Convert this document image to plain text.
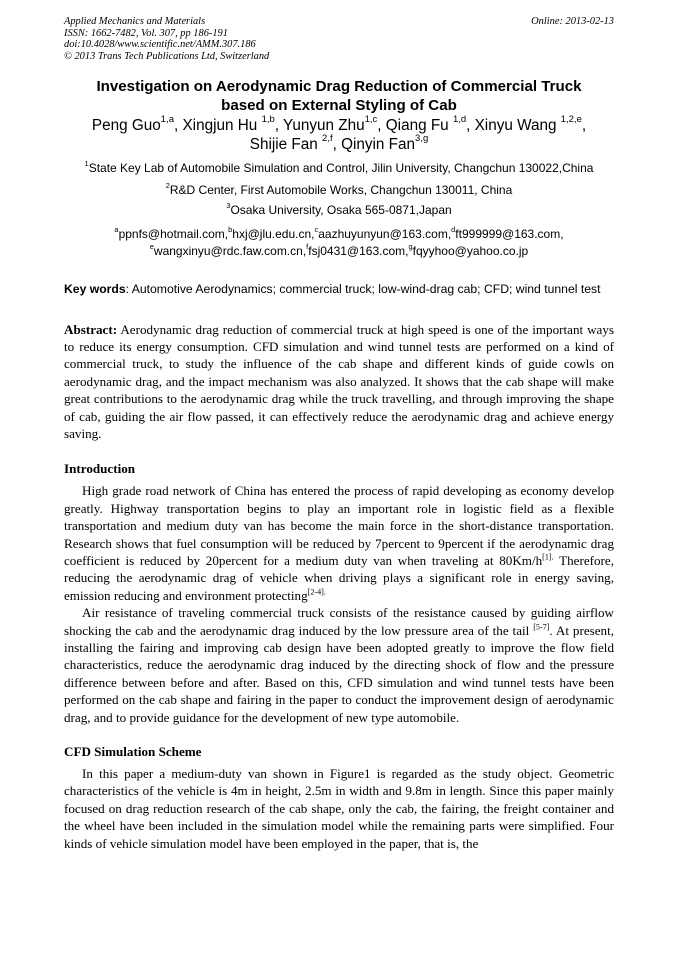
Applied Mechanics and Materials
ISSN: 1662-7482, Vol. 307, pp 186-191
doi:10.4028/www.scientific.net/AMM.307.186
© 2013 Trans Tech Publications Ltd, Switzerland
Online: 2013-02-13
Investigation on Aerodynamic Drag Reduction of Commercial Truck
based on External Styling of Cab
Peng Guo$^{1,a}$, Xingjun Hu $^{1,b}$, Yunyun Zhu$^{1,c}$, Qiang Fu $^{1,d}$, Xinyu Wang $^{1,2,e}$,
Shijie Fan $^{2,f}$, Qinyin Fan$^{3,g}$
$^1$State Key Lab of Automobile Simulation and Control, Jilin University, Changchun 130022,China
$^2$R&D Center, First Automobile Works, Changchun 130011, China
$^3$Osaka University, Osaka 565-0871,Japan
$^a$ppnfs@hotmail.com,$^b$hxj@jlu.edu.cn,$^c$aazhuyunyun@163.com,$^d$ft999999@163.com,
$^e$wangxinyu@rdc.faw.com.cn,$^f$fsj0431@163.com,$^g$fqyyhoo@yahoo.co.jp
Key words: Automotive Aerodynamics; commercial truck; low-wind-drag cab; CFD; wind tunnel test
Abstract: Aerodynamic drag reduction of commercial truck at high speed is one of the important ways to reduce its energy consumption. CFD simulation and wind tunnel tests are performed on a kind of commercial truck, to study the influence of the cab shape and different kinds of guide cowls on aerodynamic drag, and the impact mechanism was also analyzed. It shows that the cab shape will make great contributions to the aerodynamic drag while the truck travelling, and through improving the shape of cab, guiding the air flow passed, it can effectively reduce the aerodynamic drag and achieve energy saving.
Introduction

High grade road network of China has entered the process of rapid developing as economy develop greatly. Highway transportation begins to play an important role in logistic field as a flexible transportation and medium duty van has become the main force in the short-distance transportation. Research shows that fuel consumption will be reduced by 7percent to 9percent if the aerodynamic drag coefficient is reduced by 20percent for a medium duty van when traveling at $80Km/h^{[1].}$ Therefore, reducing the aerodynamic drag of vehicle when driving plays a significant role in energy saving, emission reducing and environment protecting$^{[2-4].}$

Air resistance of traveling commercial truck consists of the resistance caused by guiding airflow shocking the cab and the aerodynamic drag induced by the low pressure area of the tail [5-7]. At present, installing the fairing and improving cab design have been adopted greatly to improve the flow field characteristics, reduce the aerodynamic drag induced by the directing shock of flow and the pressure difference between before and after. Based on this, CFD simulation and wind tunnel tests have been performed on the cab shape and fairing in the paper to conduct the improvement design of aerodynamic drag, and to provide guidance for the development of new type automobile.

CFD Simulation Scheme

In this paper a medium-duty van shown in Figure1 is regarded as the study object. Geometric characteristics of the vehicle is 4m in height, 2.5m in width and 9.8m in length. Since this paper mainly focused on drag reduction research of the cab shape, only the cab, the fairing, the freight container and the wheel have been included in the simulation model while the remaining parts were simplified. Four kinds of vehicle simulation model have been employed in the paper, that is, the
